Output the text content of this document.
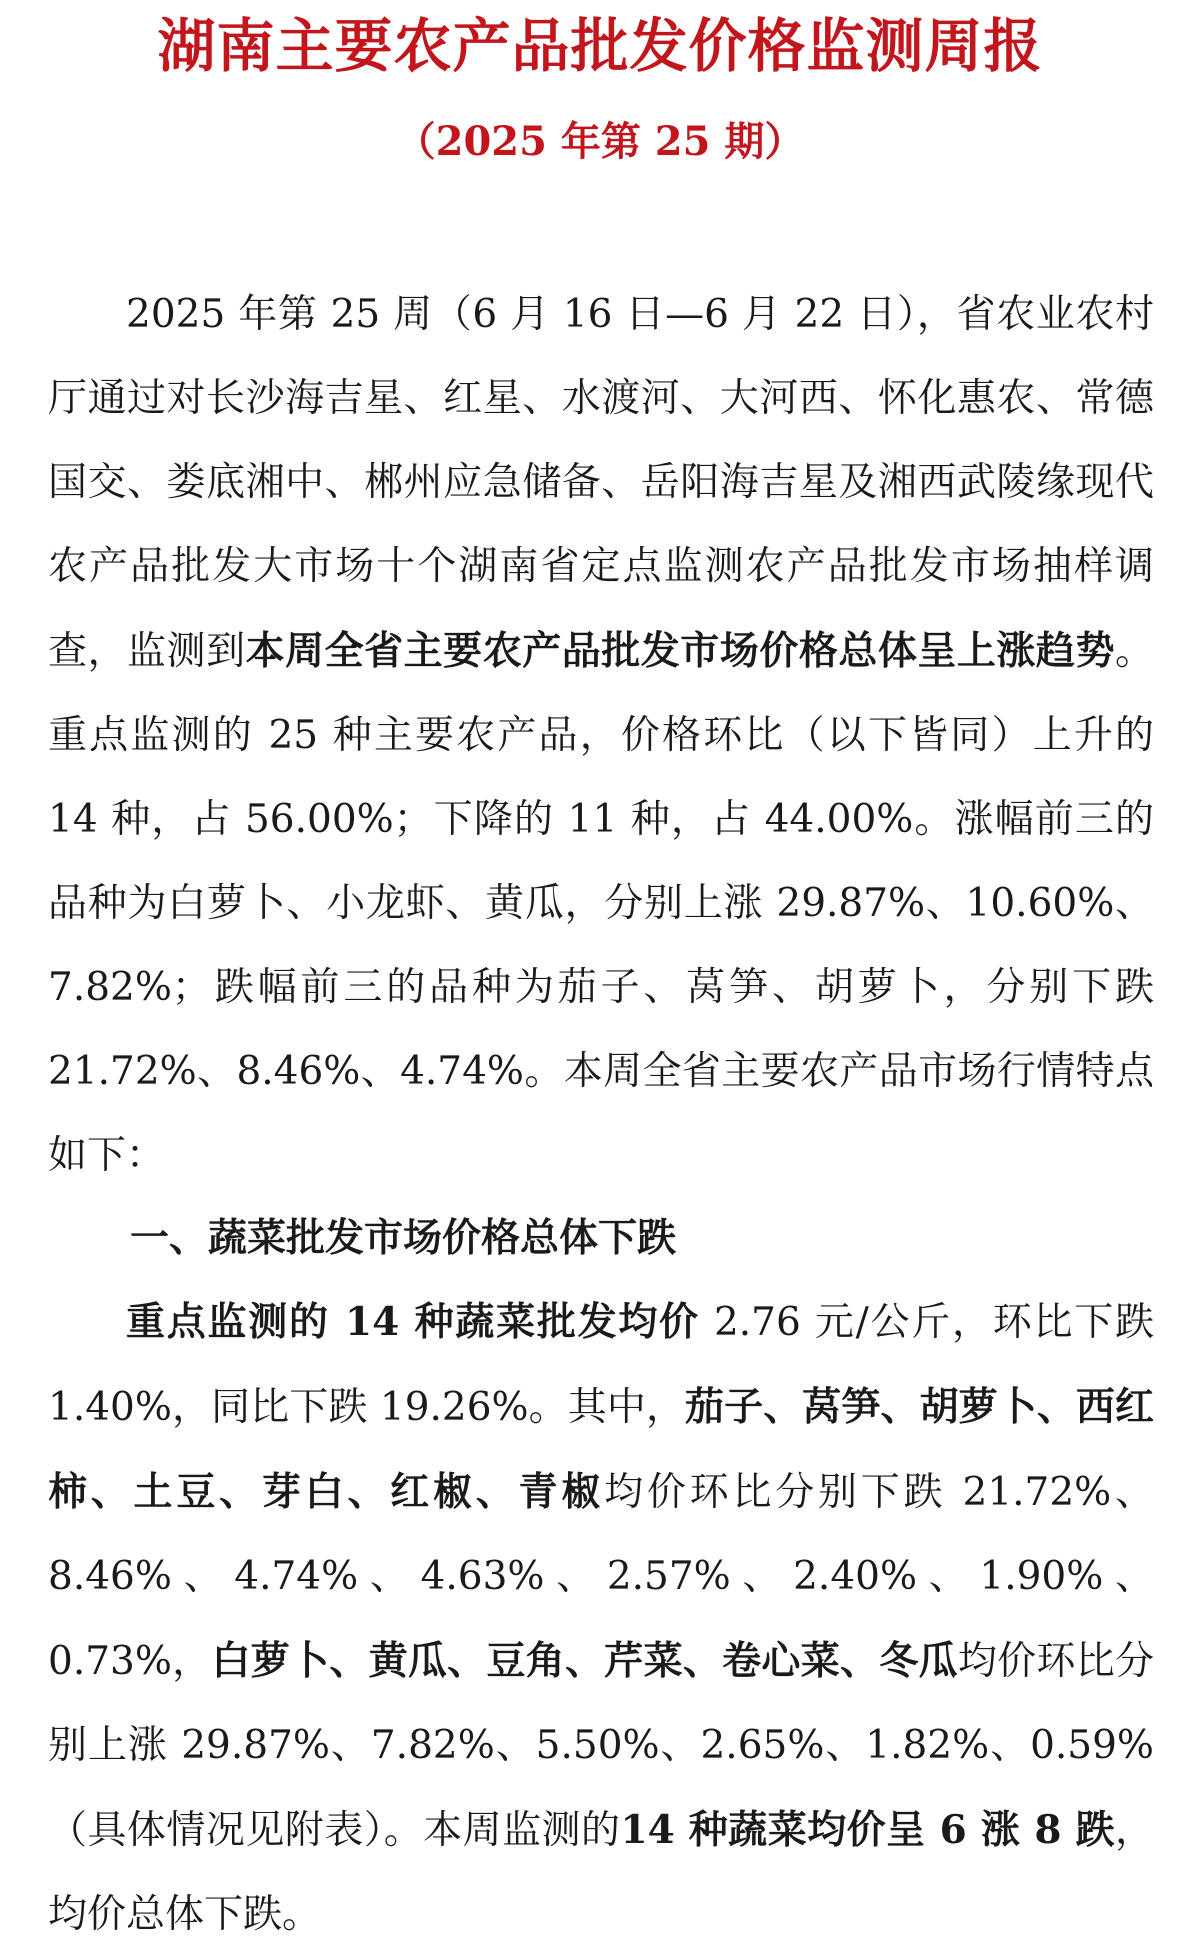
湖南主要农产品批发价格监测周报
（2025 年第 25 期）
2025 年第 25 周（6 月 16 日—6 月 22 日），省农业农村厅通过对长沙海吉星、红星、水渡河、大河西、怀化惠农、常德国交、娄底湘中、郴州应急储备、岳阳海吉星及湘西武陵缘现代农产品批发大市场十个湖南省定点监测农产品批发市场抽样调查，监测到本周全省主要农产品批发市场价格总体呈上涨趋势。重点监测的 25 种主要农产品，价格环比（以下皆同）上升的 14 种，占 56.00%；下降的 11 种，占 44.00%。涨幅前三的品种为白萝卜、小龙虾、黄瓜，分别上涨 29.87%、10.60%、7.82%；跌幅前三的品种为茄子、莴笋、胡萝卜，分别下跌 21.72%、8.46%、4.74%。本周全省主要农产品市场行情特点如下：
一、蔬菜批发市场价格总体下跌
重点监测的 14 种蔬菜批发均价 2.76 元/公斤，环比下跌 1.40%，同比下跌 19.26%。其中，茄子、莴笋、胡萝卜、西红柿、土豆、芽白、红椒、青椒均价环比分别下跌 21.72%、8.46%、4.74%、4.63%、2.57%、2.40%、1.90%、0.73%，白萝卜、黄瓜、豆角、芹菜、卷心菜、冬瓜均价环比分别上涨 29.87%、7.82%、5.50%、2.65%、1.82%、0.59%（具体情况见附表）。本周监测的14 种蔬菜均价呈 6 涨 8 跌，均价总体下跌。
